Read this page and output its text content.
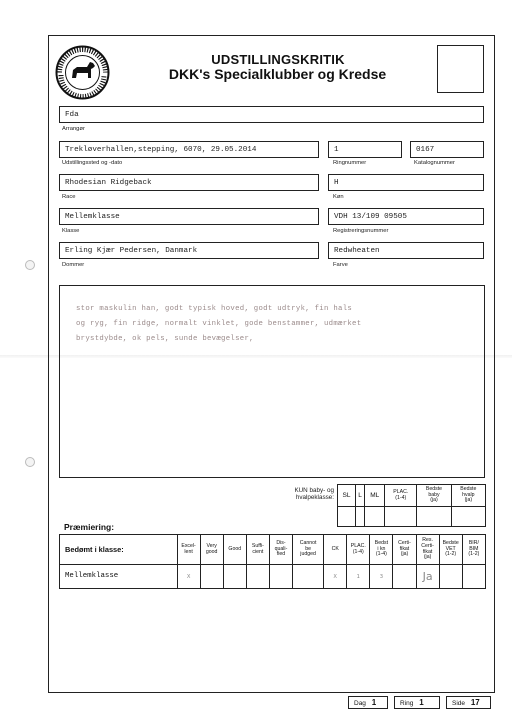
UDSTILLINGSKRITIK
DKK's Specialklubber og Kredse
Fda
Arrangør
Trekløverhallen,stepping, 6070, 29.05.2014
Udstillingssted og -dato
1
Ringnummer
0167
Katalognummer
Rhodesian Ridgeback
Race
H
Køn
Mellemklasse
Klasse
VDH 13/109 09505
Registreringsnummer
Erling Kjær Pedersen, Danmark
Dommer
Redwheaten
Farve
stor maskulin han, godt typisk hoved, godt udtryk, fin hals
og ryg, fin ridge, normalt vinklet, gode benstammer, udmærket
brystdybde, ok pels, sunde bevægelser,
KUN baby- og
hvalpeklasse: SL	L	ML	PLAC.
(1-4)	Bedste
baby
(ja)	Bedste
hvalp
(ja)

Præmiering:
Bedømt i klasse:	Excel-
lent	Very
good	Good	Suffi-
cient	Dis-
quali-
fied	Cannot
be
judged	CK	PLAC.
(1-4)	Bedst
i kn
(1-4)	Certi-
fikat
(ja)	Res.
Certi-
fikat
(ja)	Bedste
VET
(1-2)	BIR/
BIM
(1-2)
Mellemklasse	X						X	1	3		Ja		
Dag 1	Ring 1	Side 17
